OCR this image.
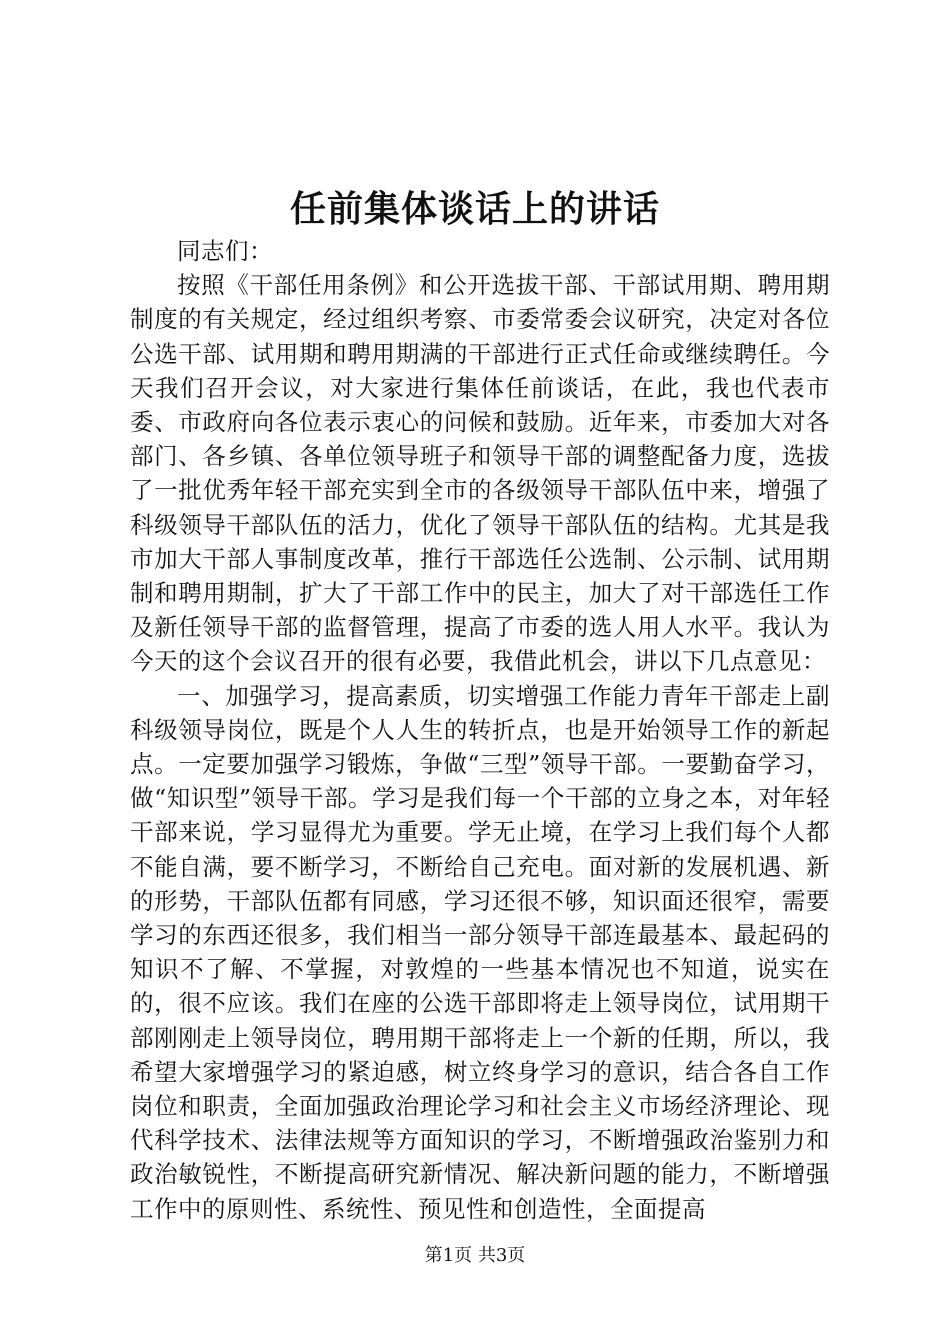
任前集体谈话上的讲话

同志们：

按照《干部任用条例》和公开选拔干部、干部试用期、聘用期制度的有关规定，经过组织考察、市委常委会议研究，决定对各位公选干部、试用期和聘用期满的干部进行正式任命或继续聘任。今天我们召开会议，对大家进行集体任前谈话，在此，我也代表市委、市政府向各位表示衷心的问候和鼓励。近年来，市委加大对各部门、各乡镇、各单位领导班子和领导干部的调整配备力度，选拔了一批优秀年轻干部充实到全市的各级领导干部队伍中来，增强了科级领导干部队伍的活力，优化了领导干部队伍的结构。尤其是我市加大干部人事制度改革，推行干部选任公选制、公示制、试用期制和聘用期制，扩大了干部工作中的民主，加大了对干部选任工作及新任领导干部的监督管理，提高了市委的选人用人水平。我认为今天的这个会议召开的很有必要，我借此机会，讲以下几点意见：

一、加强学习，提高素质，切实增强工作能力青年干部走上副科级领导岗位，既是个人人生的转折点，也是开始领导工作的新起点。一定要加强学习锻炼，争做“三型”领导干部。一要勤奋学习，做“知识型”领导干部。学习是我们每一个干部的立身之本，对年轻干部来说，学习显得尤为重要。学无止境，在学习上我们每个人都不能自满，要不断学习，不断给自己充电。面对新的发展机遇、新的形势，干部队伍都有同感，学习还很不够，知识面还很窄，需要学习的东西还很多，我们相当一部分领导干部连最基本、最起码的知识不了解、不掌握，对敦煌的一些基本情况也不知道，说实在的，很不应该。我们在座的公选干部即将走上领导岗位，试用期干部刚刚走上领导岗位，聘用期干部将走上一个新的任期，所以，我希望大家增强学习的紧迫感，树立终身学习的意识，结合各自工作岗位和职责，全面加强政治理论学习和社会主义市场经济理论、现代科学技术、法律法规等方面知识的学习，不断增强政治鉴别力和政治敏锐性，不断提高研究新情况、解决新问题的能力，不断增强工作中的原则性、系统性、预见性和创造性，全面提高

第1页 共3页
